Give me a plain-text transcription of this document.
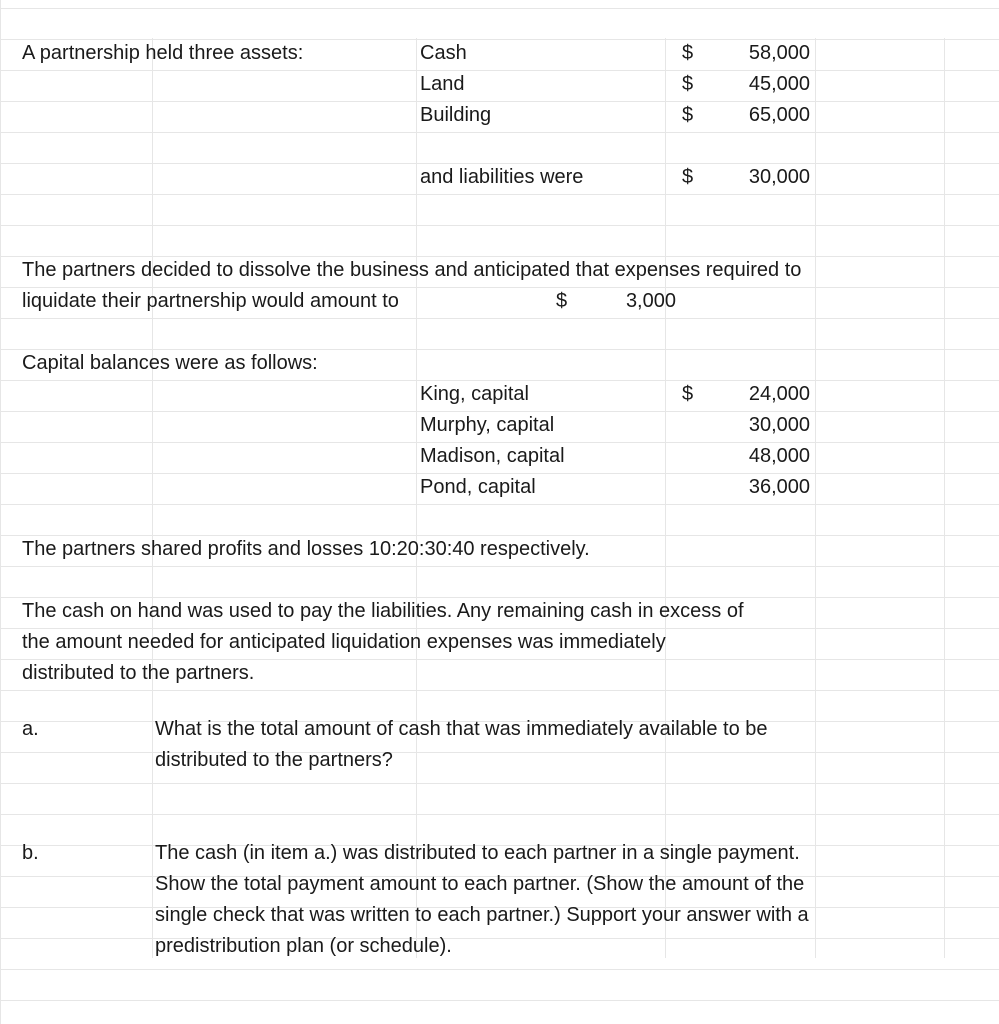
A partnership held three assets:	Cash	$	58,000
Land	$	45,000
Building	$	65,000
and liabilities were	$	30,000
The partners decided to dissolve the business and anticipated that expenses required to
liquidate their partnership would amount to	$	3,000
Capital balances were as follows:
King, capital	$	24,000
Murphy, capital	30,000
Madison, capital	48,000
Pond, capital	36,000
The partners shared profits and losses 10:20:30:40 respectively.
The cash on hand was used to pay the liabilities. Any remaining cash in excess of
the amount needed for anticipated liquidation expenses was immediately
distributed to the partners.
a.	What is the total amount of cash that was immediately available to be
distributed to the partners?
b.	The cash (in item a.) was distributed to each partner in a single payment.
Show the total payment amount to each partner. (Show the amount of the
single check that was written to each partner.) Support your answer with a
predistribution plan (or schedule).
